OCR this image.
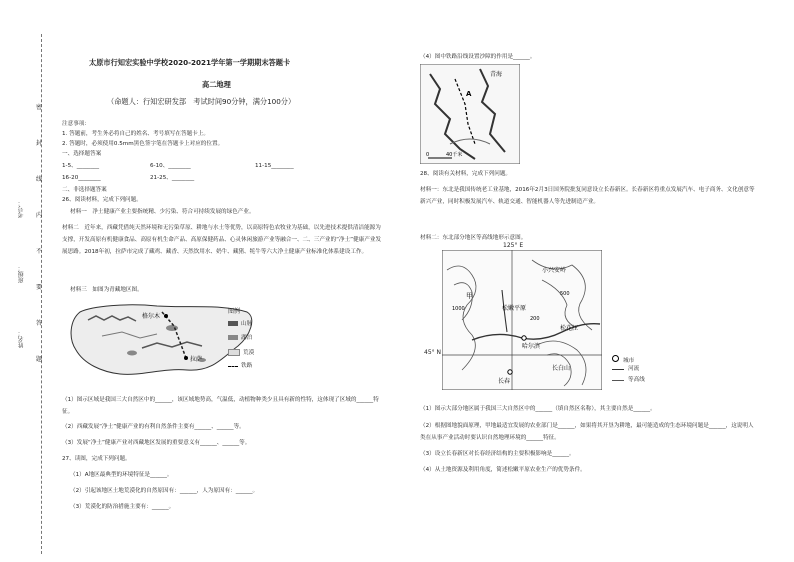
考号：
班级：
姓名：
密
封
线
内
不
要
答
题
太原市行知宏实验中学校2020-2021学年第一学期期末答题卡
高二地理
（命题人：行知宏研发部　考试时间90分钟，满分100分）
注意事项：
1. 答题前，考生务必将自己的姓名、考号填写在答题卡上。
2. 答题时，必须使用0.5mm黑色签字笔在答题卡上对应的位置。
一、选择题答案
1-5、________	6-10、________	11-15________
16-20________	21-25、________
二、非选择题答案
26、阅读材料，完成下列问题。
材料一　净土健康产业主要指统精、少污染、符合可持续发展的绿色产业。
材料二　近年来，西藏凭借纯天然环境和无污染草原、耕地与水土等优势，以高原特色农牧业为基础，以先进技术提供清洁能源为支撑，开发高原有机健康食品、高原有机生命产品、高原保健药品、心灵休闲旅游产业等融合一、二、三产业的“净土”健康产业发展思路。2018年初，拉萨市完成了藏鸡、藏香、天然饮用水、奶牛、藏猪、牦牛等六大净土健康产业标准化体系建设工作。
材料三　如图为青藏地区图。
拉萨
格尔木
图例
山脉
湖泊
荒漠
铁路
（1）图示区域是我国三大自然区中的______，该区域地势高，气温低，动植物种类少且具有新的性特，这体现了区域的______特征。
（2）西藏发展“净土”健康产业的有利自然条件主要有______、______等。
（3）发展“净土”健康产业对西藏地区发展的重要意义有______、______等。
27、读图，完成下列问题。
（1）A地区最典型的环境特征是______。
（2）引起该地区土地荒漠化的自然原因有：______，人为原因有：______。
（3）荒漠化的防治措施主要有：______。
（4）图中铁路沿线设置沙障的作用是______。
A
青海
0	40千米
28、阅读有关材料，完成下列问题。
材料一：东北是我国传统老工业基地，2016年2月3日国务院批复同意设立长春新区。长春新区将重点发展汽车、电子商务、文化创意等新兴产业，同时积极发展汽车、轨道交通、智能机器人等先进制造产业。
材料二：东北部分地区等高线地形示意图。
125° E
45° N
松嫩平原
长春
哈尔滨
小兴安岭
长白山
松花江
甲
1000
200
500
城市
河流
等高线
（1）图示大部分地区属于我国三大自然区中的______（填自然区名称），其主要自然是______。
（2）根据图地貌面原理，甲地最适宜发展的农业部门是______，如果将其开垦为耕地，最可能造成的生态环境问题是______，这说明人类在从事产业活动时要认识自然地理环境的______特征。
（3）设立长春新区对长春经济结构的主要积极影响是______。
（4）从土地资源及利用角度，简述松嫩平原农业生产的优势条件。
